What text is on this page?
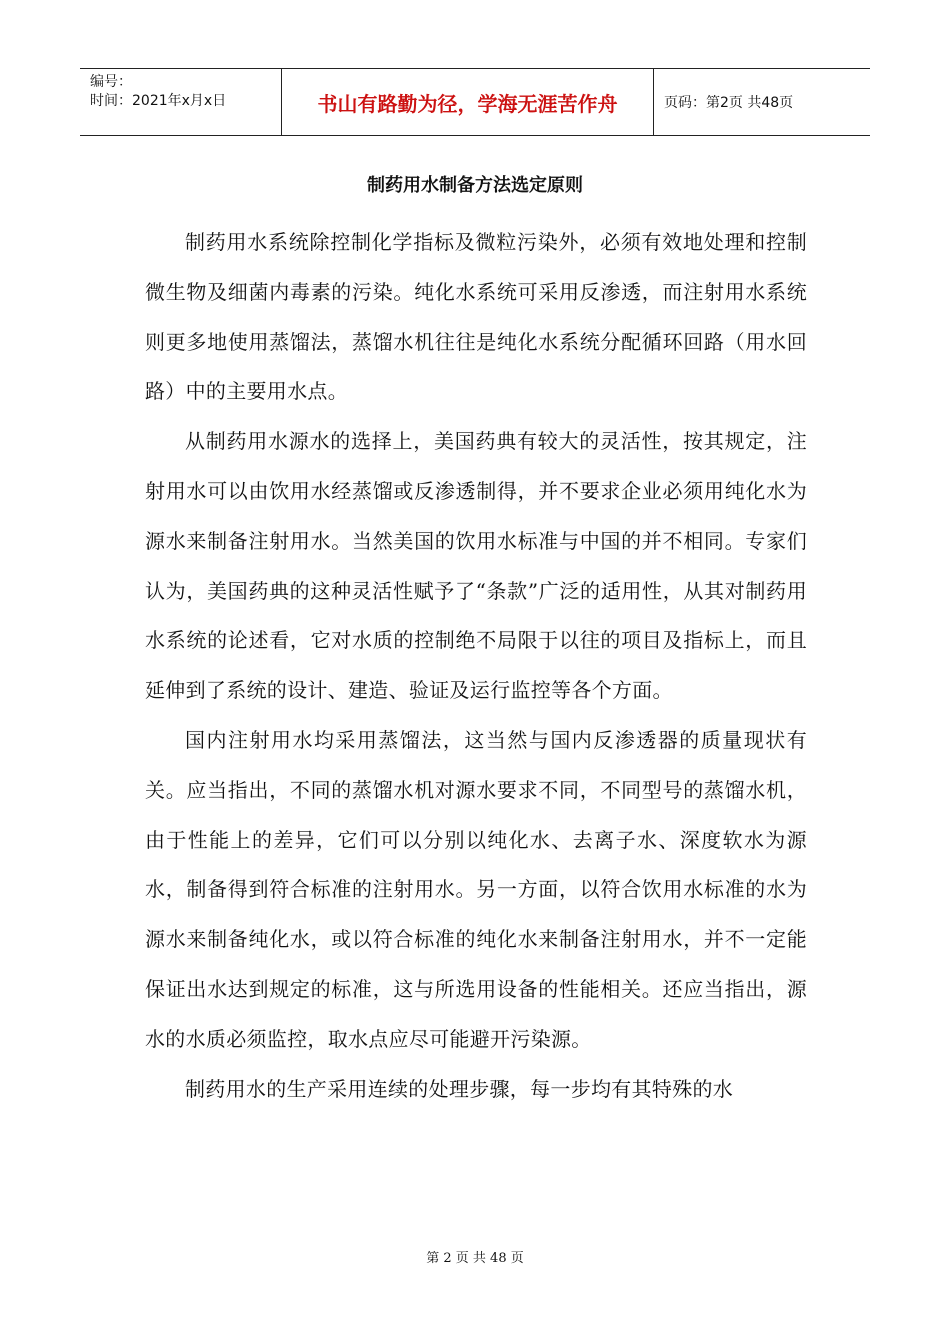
编号：
时间：2021年x月x日	书山有路勤为径，学海无涯苦作舟	页码：第2页 共48页
制药用水制备方法选定原则

制药用水系统除控制化学指标及微粒污染外，必须有效地处理和控制微生物及细菌内毒素的污染。纯化水系统可采用反渗透，而注射用水系统则更多地使用蒸馏法，蒸馏水机往往是纯化水系统分配循环回路（用水回路）中的主要用水点。

从制药用水源水的选择上，美国药典有较大的灵活性，按其规定，注射用水可以由饮用水经蒸馏或反渗透制得，并不要求企业必须用纯化水为源水来制备注射用水。当然美国的饮用水标准与中国的并不相同。专家们认为，美国药典的这种灵活性赋予了“条款”广泛的适用性，从其对制药用水系统的论述看，它对水质的控制绝不局限于以往的项目及指标上，而且延伸到了系统的设计、建造、验证及运行监控等各个方面。

国内注射用水均采用蒸馏法，这当然与国内反渗透器的质量现状有关。应当指出，不同的蒸馏水机对源水要求不同，不同型号的蒸馏水机，由于性能上的差异，它们可以分别以纯化水、去离子水、深度软水为源水，制备得到符合标准的注射用水。另一方面，以符合饮用水标准的水为源水来制备纯化水，或以符合标准的纯化水来制备注射用水，并不一定能保证出水达到规定的标准，这与所选用设备的性能相关。还应当指出，源水的水质必须监控，取水点应尽可能避开污染源。

制药用水的生产采用连续的处理步骤，每一步均有其特殊的水

第 2 页 共 48 页
